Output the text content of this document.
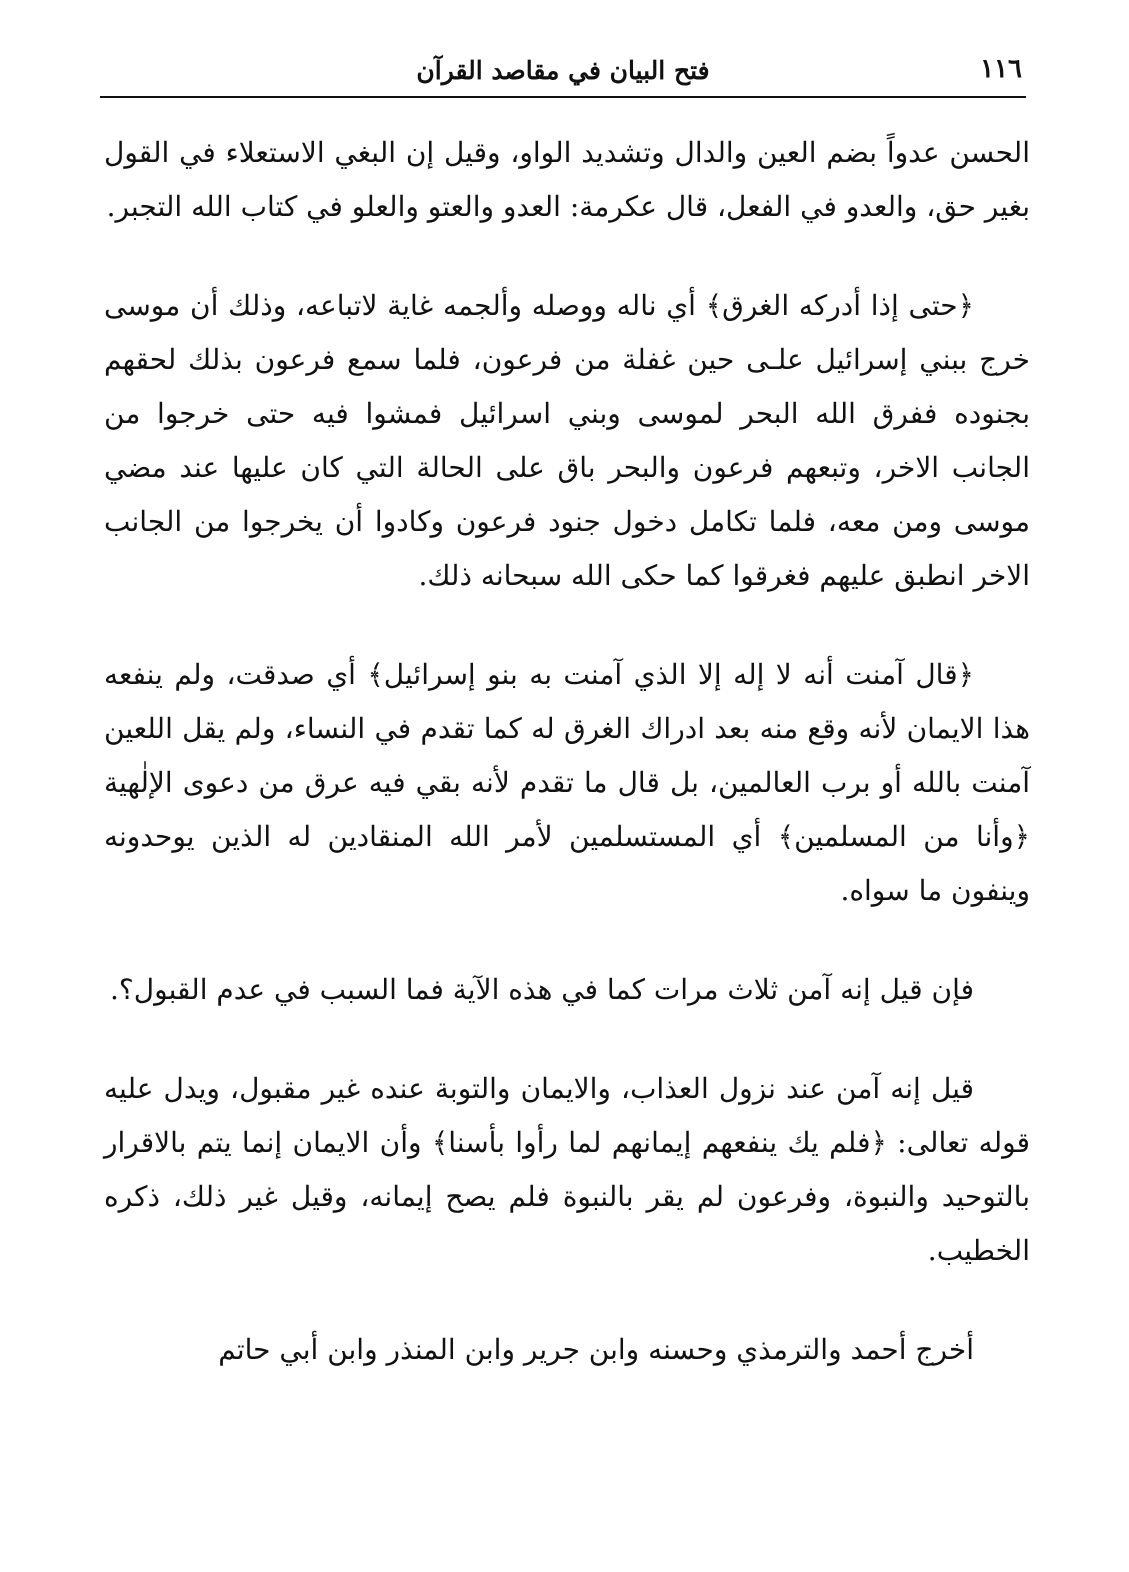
١١٦
فتح البيان في مقاصد القرآن

الحسن عدواً بضم العين والدال وتشديد الواو، وقيل إن البغي الاستعلاء في القول بغير حق، والعدو في الفعل، قال عكرمة: العدو والعتو والعلو في كتاب الله التجبر.

﴿حتى إذا أدركه الغرق﴾ أي ناله ووصله وألجمه غاية لاتباعه، وذلك أن موسى خرج ببني إسرائيل علـى حين غفلة من فرعون، فلما سمع فرعون بذلك لحقهم بجنوده ففرق الله البحر لموسى وبني اسرائيل فمشوا فيه حتى خرجوا من الجانب الاخر، وتبعهم فرعون والبحر باق على الحالة التي كان عليها عند مضي موسى ومن معه، فلما تكامل دخول جنود فرعون وكادوا أن يخرجوا من الجانب الاخر انطبق عليهم فغرقوا كما حكى الله سبحانه ذلك.

﴿قال آمنت أنه لا إله إلا الذي آمنت به بنو إسرائيل﴾ أي صدقت، ولم ينفعه هذا الايمان لأنه وقع منه بعد ادراك الغرق له كما تقدم في النساء، ولم يقل اللعين آمنت بالله أو برب العالمين، بل قال ما تقدم لأنه بقي فيه عرق من دعوى الإلٰهية ﴿وأنا من المسلمين﴾ أي المستسلمين لأمر الله المنقادين له الذين يوحدونه وينفون ما سواه.

فإن قيل إنه آمن ثلاث مرات كما في هذه الآية فما السبب في عدم القبول؟.

قيل إنه آمن عند نزول العذاب، والايمان والتوبة عنده غير مقبول، ويدل عليه قوله تعالى: ﴿فلم يك ينفعهم إيمانهم لما رأوا بأسنا﴾ وأن الايمان إنما يتم بالاقرار بالتوحيد والنبوة، وفرعون لم يقر بالنبوة فلم يصح إيمانه، وقيل غير ذلك، ذكره الخطيب.

أخرج أحمد والترمذي وحسنه وابن جرير وابن المنذر وابن أبي حاتم
